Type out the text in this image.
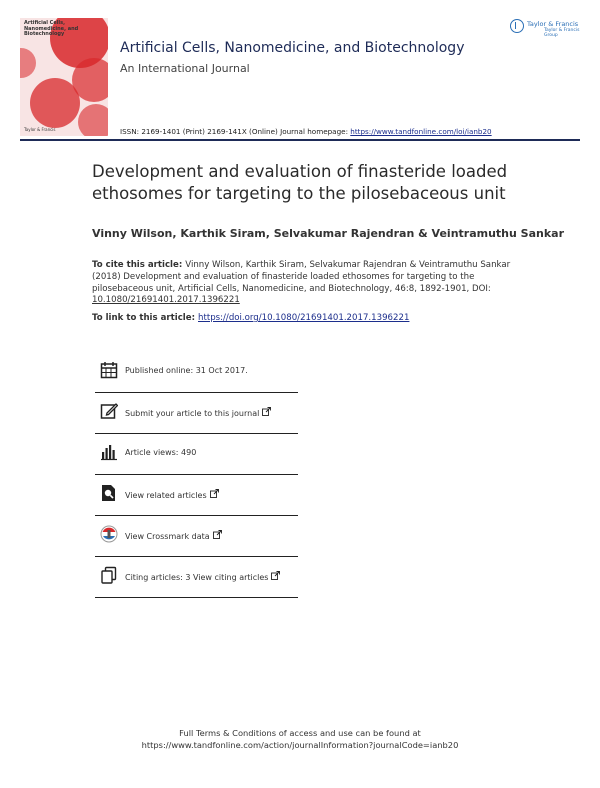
Artificial Cells, Nanomedicine, and Biotechnology
Taylor & Francis
Artificial Cells, Nanomedicine, and Biotechnology
An International Journal
Taylor & Francis
Taylor & Francis Group
ISSN: 2169-1401 (Print) 2169-141X (Online) Journal homepage: https://www.tandfonline.com/loi/ianb20
Development and evaluation of finasteride loaded ethosomes for targeting to the pilosebaceous unit
Vinny Wilson, Karthik Siram, Selvakumar Rajendran & Veintramuthu Sankar
To cite this article: Vinny Wilson, Karthik Siram, Selvakumar Rajendran & Veintramuthu Sankar (2018) Development and evaluation of finasteride loaded ethosomes for targeting to the pilosebaceous unit, Artificial Cells, Nanomedicine, and Biotechnology, 46:8, 1892-1901, DOI: 10.1080/21691401.2017.1396221
To link to this article: https://doi.org/10.1080/21691401.2017.1396221
Published online: 31 Oct 2017.
Submit your article to this journal
Article views: 490
View related articles
View Crossmark data
Citing articles: 3 View citing articles
Full Terms & Conditions of access and use can be found at
https://www.tandfonline.com/action/journalInformation?journalCode=ianb20
